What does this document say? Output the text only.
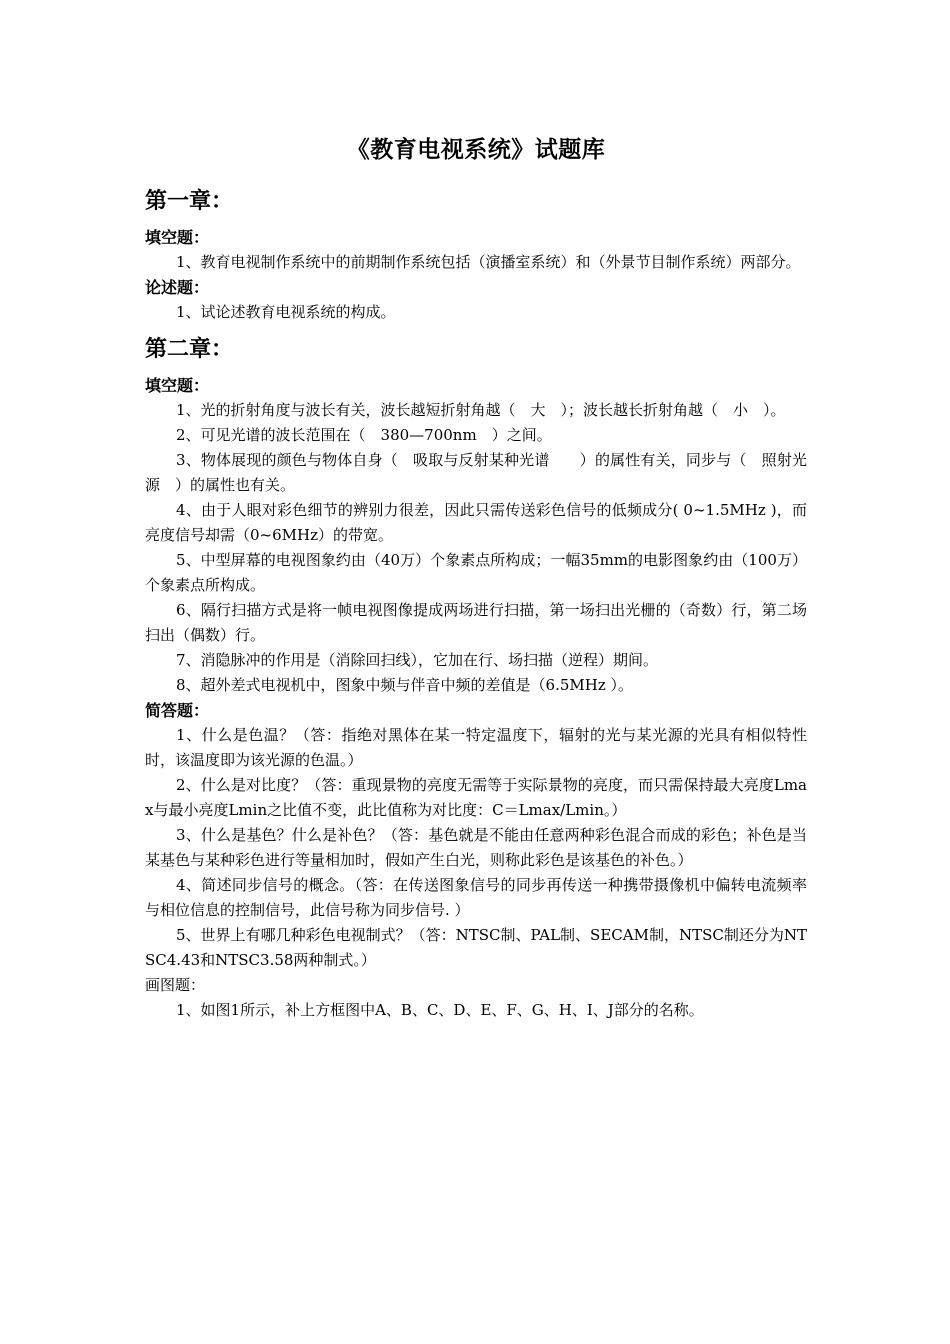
《教育电视系统》试题库
第一章：
填空题：

1、教育电视制作系统中的前期制作系统包括（演播室系统）和（外景节目制作系统）两部分。

论述题：

1、试论述教育电视系统的构成。

第二章：
填空题：

1、光的折射角度与波长有关，波长越短折射角越（　大　）；波长越长折射角越（　小　）。

2、可见光谱的波长范围在（　380—700nm　）之间。

3、物体展现的颜色与物体自身（　吸取与反射某种光谱　　）的属性有关，同步与（　照射光源　）的属性也有关。

4、由于人眼对彩色细节的辨别力很差，因此只需传送彩色信号的低频成分( 0~1.5MHz )，而亮度信号却需（0~6MHz）的带宽。

5、中型屏幕的电视图象约由（40万）个象素点所构成；一幅35mm的电影图象约由（100万）个象素点所构成。

6、隔行扫描方式是将一帧电视图像提成两场进行扫描，第一场扫出光栅的（奇数）行，第二场扫出（偶数）行。

7、消隐脉冲的作用是（消除回扫线），它加在行、场扫描（逆程）期间。

8、超外差式电视机中，图象中频与伴音中频的差值是（6.5MHz ）。

简答题：

1、什么是色温？（答：指绝对黑体在某一特定温度下，辐射的光与某光源的光具有相似特性时，该温度即为该光源的色温。）

2、什么是对比度？（答：重现景物的亮度无需等于实际景物的亮度，而只需保持最大亮度Lmax与最小亮度Lmin之比值不变，此比值称为对比度：C＝Lmax/Lmin。）

3、什么是基色？什么是补色？（答：基色就是不能由任意两种彩色混合而成的彩色；补色是当某基色与某种彩色进行等量相加时，假如产生白光，则称此彩色是该基色的补色。）

4、简述同步信号的概念。（答：在传送图象信号的同步再传送一种携带摄像机中偏转电流频率与相位信息的控制信号，此信号称为同步信号. ）

5、世界上有哪几种彩色电视制式？（答：NTSC制、PAL制、SECAM制，NTSC制还分为NTSC4.43和NTSC3.58两种制式。）

画图题：

1、如图1所示，补上方框图中A、B、C、D、E、F、G、H、I、J部分的名称。
